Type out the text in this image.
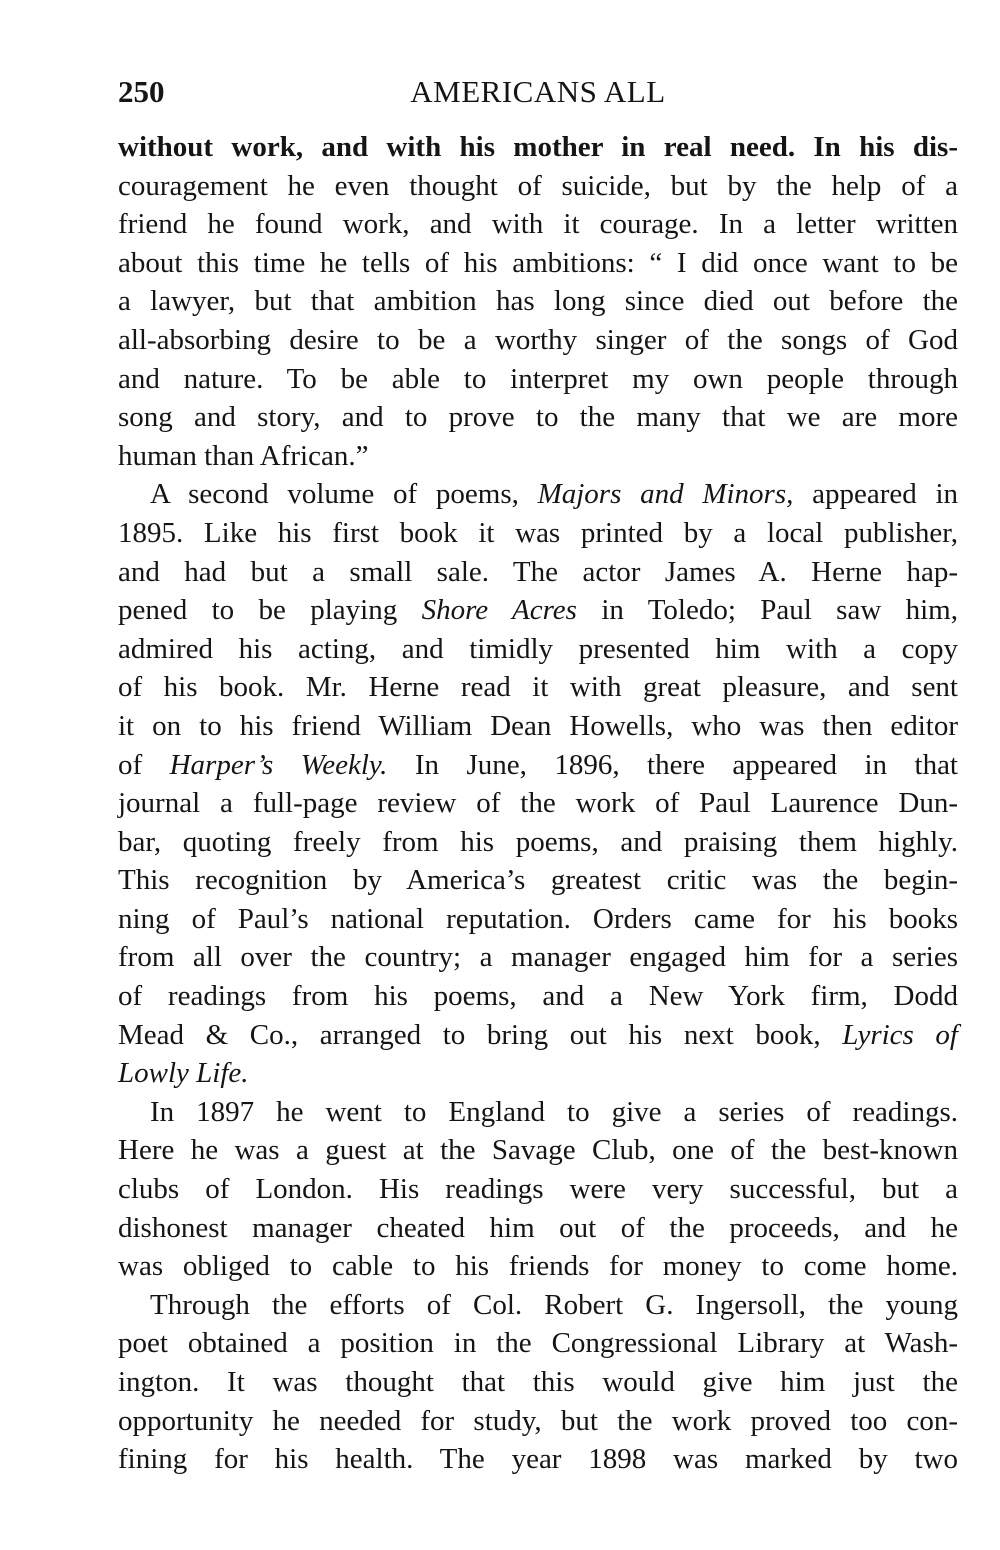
250	AMERICANS ALL
without work, and with his mother in real need. In his dis-
couragement he even thought of suicide, but by the help of a
friend he found work, and with it courage. In a letter written
about this time he tells of his ambitions: “ I did once want to be
a lawyer, but that ambition has long since died out before the
all-absorbing desire to be a worthy singer of the songs of God
and nature. To be able to interpret my own people through
song and story, and to prove to the many that we are more
human than African.”
A second volume of poems, Majors and Minors, appeared in
1895. Like his first book it was printed by a local publisher,
and had but a small sale. The actor James A. Herne hap-
pened to be playing Shore Acres in Toledo; Paul saw him,
admired his acting, and timidly presented him with a copy
of his book. Mr. Herne read it with great pleasure, and sent
it on to his friend William Dean Howells, who was then editor
of Harper’s Weekly. In June, 1896, there appeared in that
journal a full-page review of the work of Paul Laurence Dun-
bar, quoting freely from his poems, and praising them highly.
This recognition by America’s greatest critic was the begin-
ning of Paul’s national reputation. Orders came for his books
from all over the country; a manager engaged him for a series
of readings from his poems, and a New York firm, Dodd
Mead & Co., arranged to bring out his next book, Lyrics of
Lowly Life.
In 1897 he went to England to give a series of readings.
Here he was a guest at the Savage Club, one of the best-known
clubs of London. His readings were very successful, but a
dishonest manager cheated him out of the proceeds, and he
was obliged to cable to his friends for money to come home.
Through the efforts of Col. Robert G. Ingersoll, the young
poet obtained a position in the Congressional Library at Wash-
ington. It was thought that this would give him just the
opportunity he needed for study, but the work proved too con-
fining for his health. The year 1898 was marked by two
